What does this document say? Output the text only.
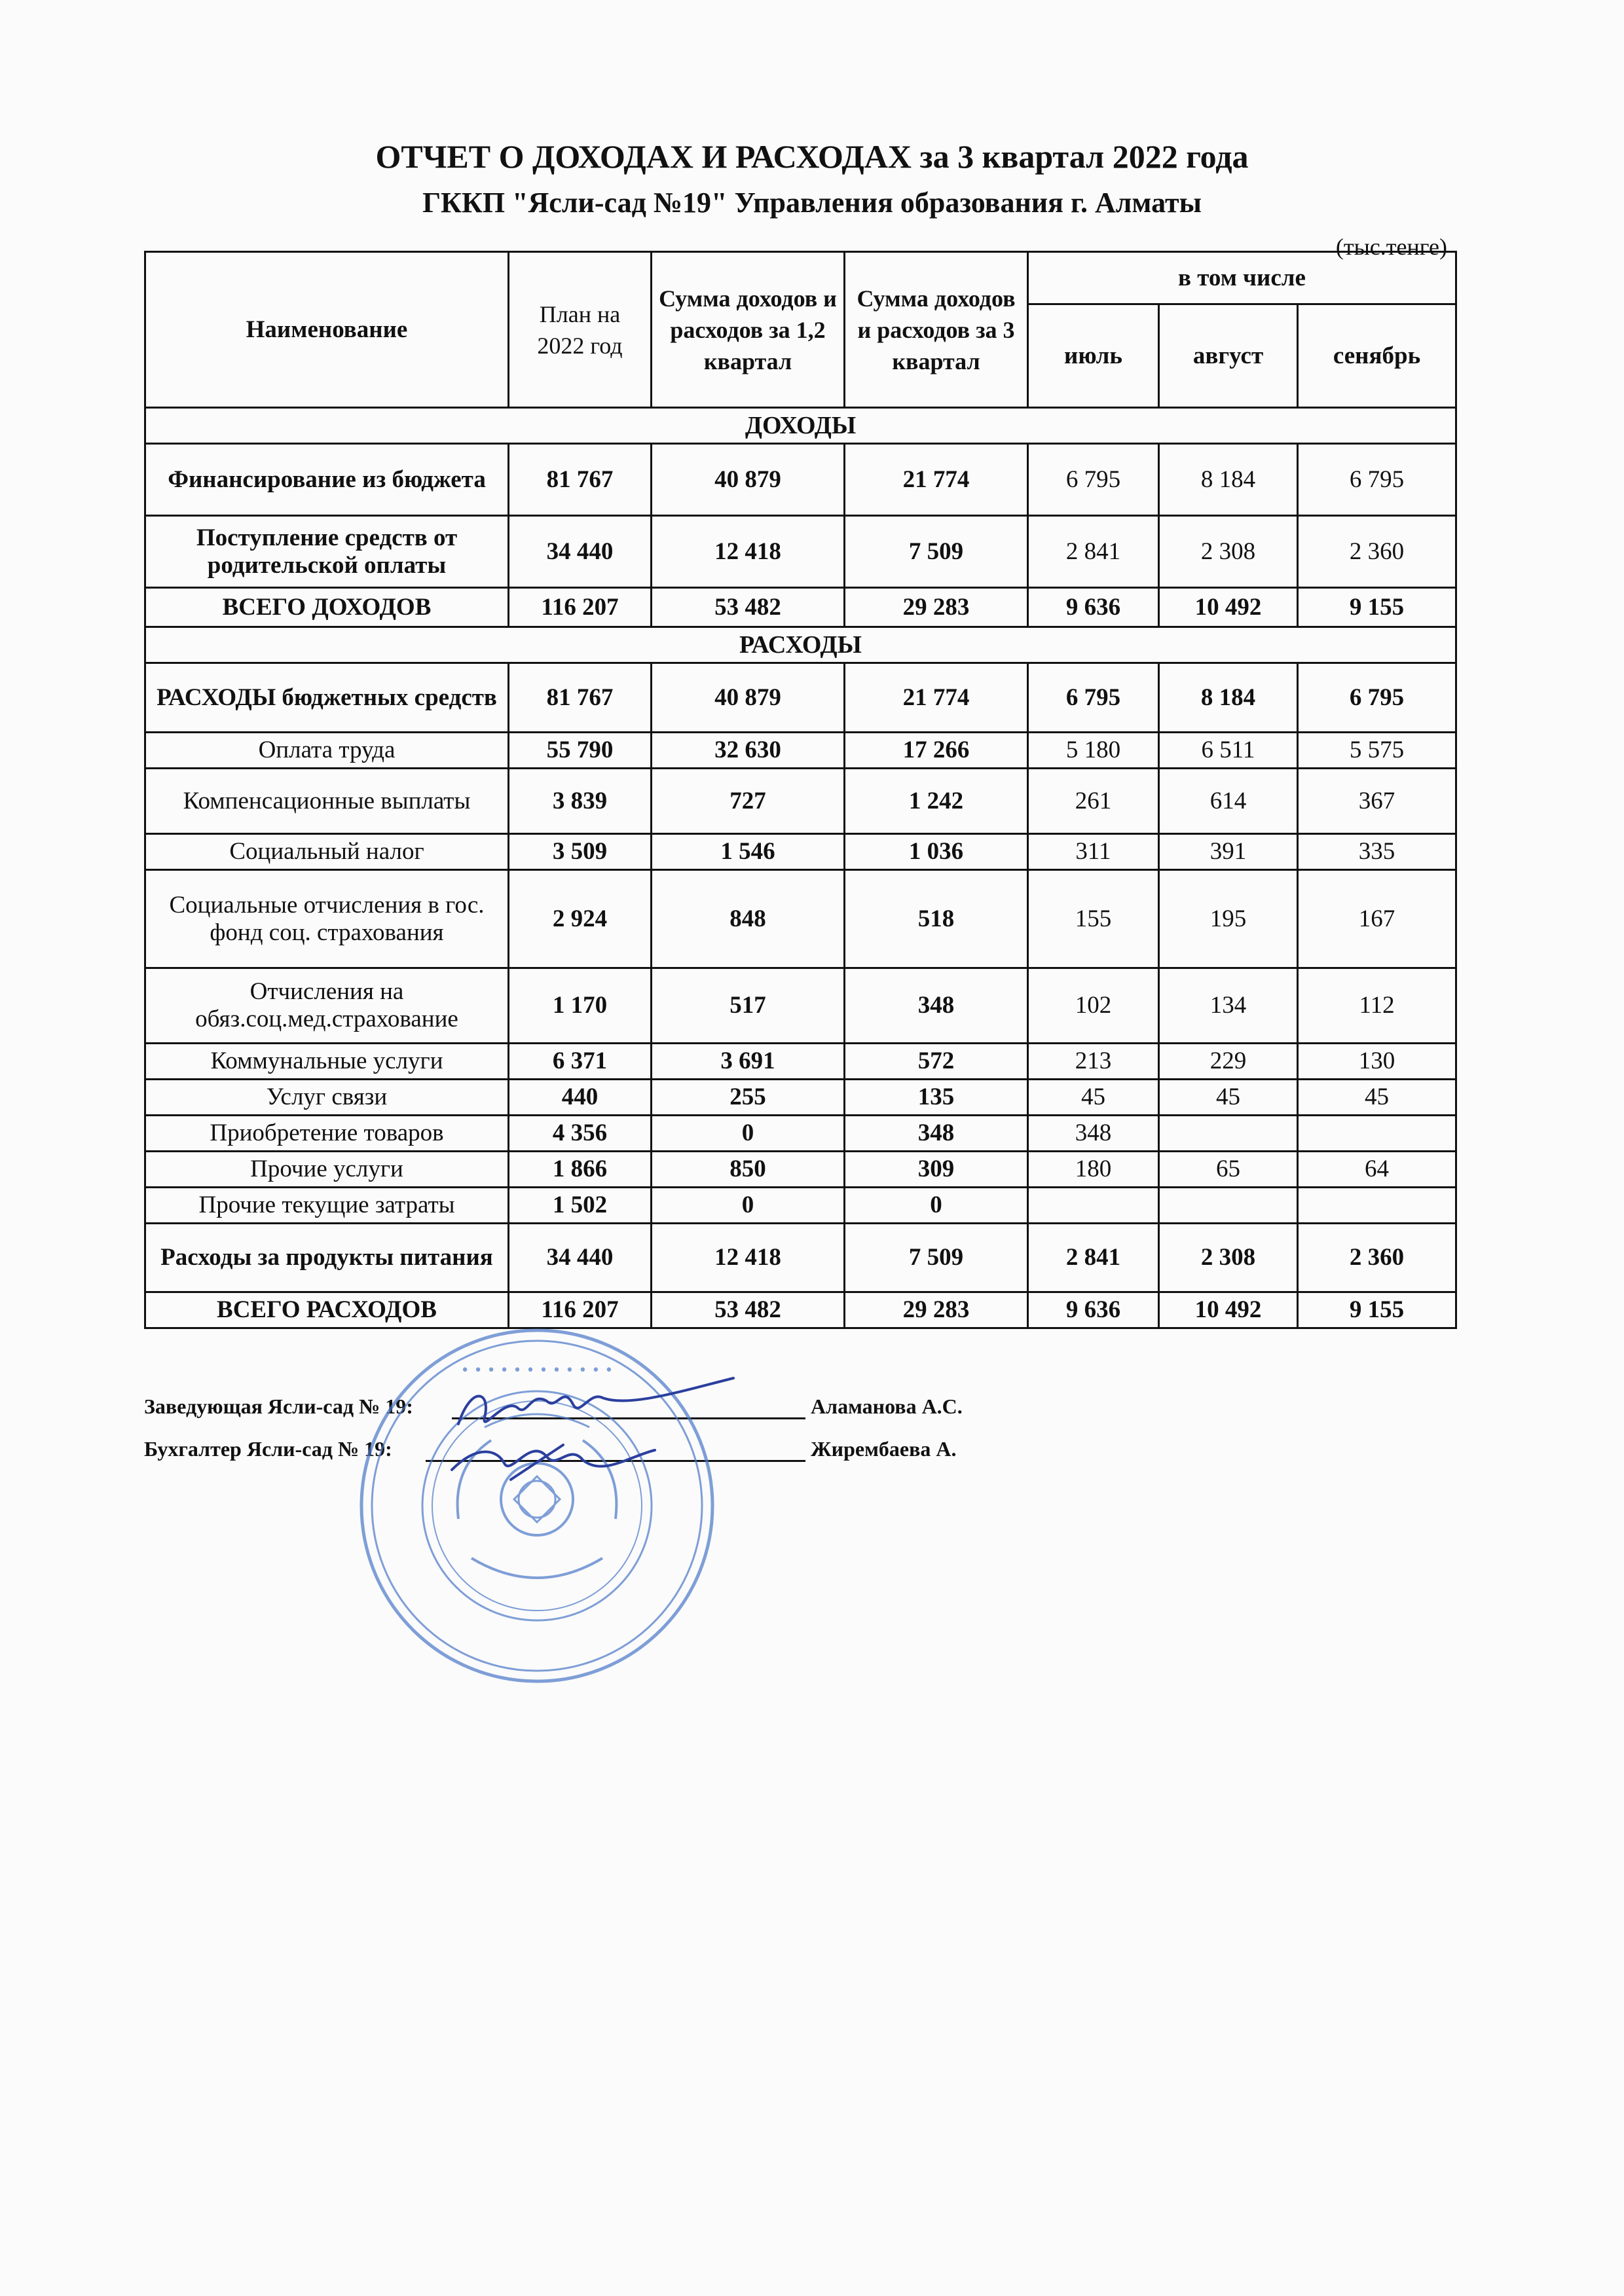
ОТЧЕТ О ДОХОДАХ И РАСХОДАХ за 3 квартал 2022 года
ГККП "Ясли-сад №19" Управления образования г. Алматы
(тыс.тенге)
Наименование	План на 2022 год	Сумма доходов и расходов за 1,2 квартал	Сумма доходов и расходов за 3 квартал	в том числе		
				июль	август	сенябрь
ДОХОДЫ						
Финансирование из бюджета	81 767	40 879	21 774	6 795	8 184	6 795
Поступление средств от родительской оплаты	34 440	12 418	7 509	2 841	2 308	2 360
ВСЕГО ДОХОДОВ	116 207	53 482	29 283	9 636	10 492	9 155
РАСХОДЫ						
РАСХОДЫ бюджетных средств	81 767	40 879	21 774	6 795	8 184	6 795
Оплата труда	55 790	32 630	17 266	5 180	6 511	5 575
Компенсационные выплаты	3 839	727	1 242	261	614	367
Социальный налог	3 509	1 546	1 036	311	391	335
Социальные отчисления в гос. фонд соц. страхования	2 924	848	518	155	195	167
Отчисления на обяз.соц.мед.страхование	1 170	517	348	102	134	112
Коммунальные услуги	6 371	3 691	572	213	229	130
Услуг связи	440	255	135	45	45	45
Приобретение товаров	4 356	0	348	348		
Прочие услуги	1 866	850	309	180	65	64
Прочие текущие затраты	1 502	0	0			
Расходы за продукты питания	34 440	12 418	7 509	2 841	2 308	2 360
ВСЕГО РАСХОДОВ	116 207	53 482	29 283	9 636	10 492	9 155
Заведующая Ясли-сад № 19:	Аламанова А.С.
Бухгалтер Ясли-сад № 19:	Жирембаева А.
• • • • • • • • • • • •
